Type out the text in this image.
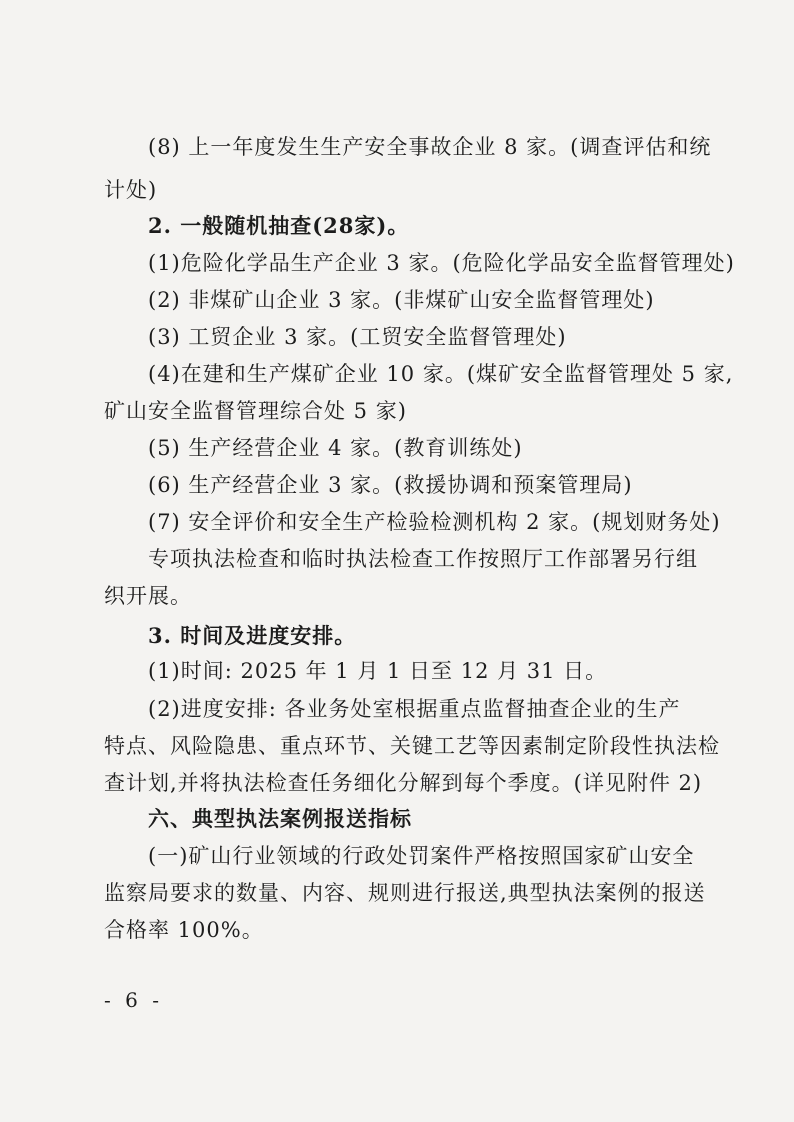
(8) 上一年度发生生产安全事故企业 8 家。(调查评估和统
计处)
2. 一般随机抽查(28家)。
(1)危险化学品生产企业 3 家。(危险化学品安全监督管理处)
(2) 非煤矿山企业 3 家。(非煤矿山安全监督管理处)
(3) 工贸企业 3 家。(工贸安全监督管理处)
(4)在建和生产煤矿企业 10 家。(煤矿安全监督管理处 5 家,
矿山安全监督管理综合处 5 家)
(5) 生产经营企业 4 家。(教育训练处)
(6) 生产经营企业 3 家。(救援协调和预案管理局)
(7) 安全评价和安全生产检验检测机构 2 家。(规划财务处)
专项执法检查和临时执法检查工作按照厅工作部署另行组
织开展。
3. 时间及进度安排。
(1)时间: 2025 年 1 月 1 日至 12 月 31 日。
(2)进度安排: 各业务处室根据重点监督抽查企业的生产
特点、风险隐患、重点环节、关键工艺等因素制定阶段性执法检
查计划,并将执法检查任务细化分解到每个季度。(详见附件 2)
六、典型执法案例报送指标
(一)矿山行业领域的行政处罚案件严格按照国家矿山安全
监察局要求的数量、内容、规则进行报送,典型执法案例的报送
合格率 100%。
- 6 -
